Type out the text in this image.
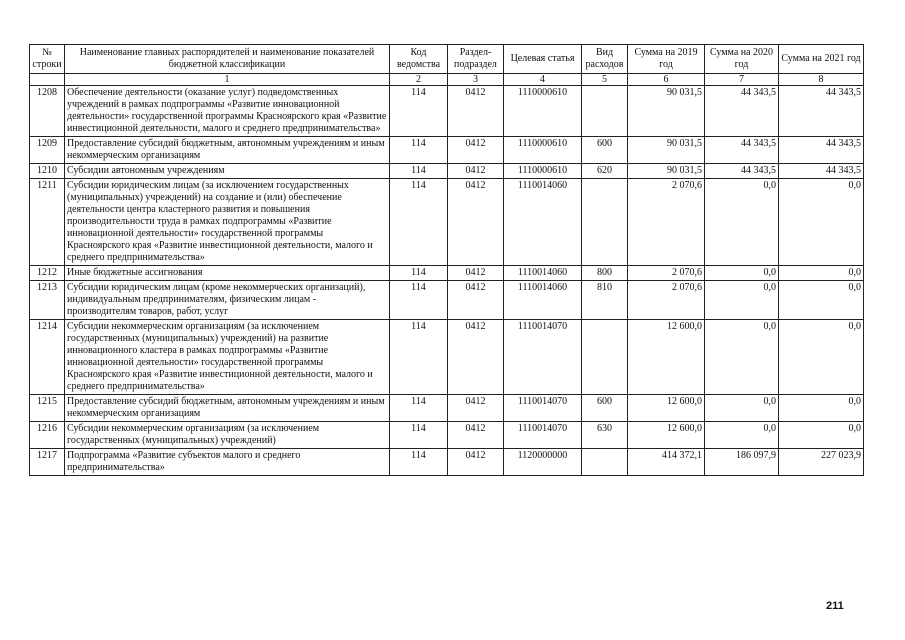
№ строки	Наименование главных распорядителей и наименование показателей бюджетной классификации	Код ведомства	Раздел-подраздел	Целевая статья	Вид расходов	Сумма на 2019 год	Сумма на 2020 год	Сумма на 2021 год
	1	2	3	4	5	6	7	8
1208	Обеспечение деятельности (оказание услуг) подведомственных учреждений в рамках подпрограммы «Развитие инновационной деятельности» государственной программы Красноярского края «Развитие инвестиционной деятельности, малого и среднего предпринимательства»	114	0412	1110000610		90 031,5	44 343,5	44 343,5
1209	Предоставление субсидий бюджетным, автономным учреждениям и иным некоммерческим организациям	114	0412	1110000610	600	90 031,5	44 343,5	44 343,5
1210	Субсидии автономным учреждениям	114	0412	1110000610	620	90 031,5	44 343,5	44 343,5
1211	Субсидии юридическим лицам (за исключением государственных (муниципальных) учреждений) на создание и (или) обеспечение деятельности центра кластерного развития и повышения производительности труда в рамках подпрограммы «Развитие инновационной деятельности» государственной программы Красноярского края «Развитие инвестиционной деятельности, малого и среднего предпринимательства»	114	0412	1110014060		2 070,6	0,0	0,0
1212	Иные бюджетные ассигнования	114	0412	1110014060	800	2 070,6	0,0	0,0
1213	Субсидии юридическим лицам (кроме некоммерческих организаций), индивидуальным предпринимателям, физическим лицам - производителям товаров, работ, услуг	114	0412	1110014060	810	2 070,6	0,0	0,0
1214	Субсидии некоммерческим организациям (за исключением государственных (муниципальных) учреждений) на развитие инновационного кластера в рамках подпрограммы «Развитие инновационной деятельности» государственной программы Красноярского края «Развитие инвестиционной деятельности, малого и среднего предпринимательства»	114	0412	1110014070		12 600,0	0,0	0,0
1215	Предоставление субсидий бюджетным, автономным учреждениям и иным некоммерческим организациям	114	0412	1110014070	600	12 600,0	0,0	0,0
1216	Субсидии некоммерческим организациям (за исключением государственных (муниципальных) учреждений)	114	0412	1110014070	630	12 600,0	0,0	0,0
1217	Подпрограмма «Развитие субъектов малого и среднего предпринимательства»	114	0412	1120000000		414 372,1	186 097,9	227 023,9
211
